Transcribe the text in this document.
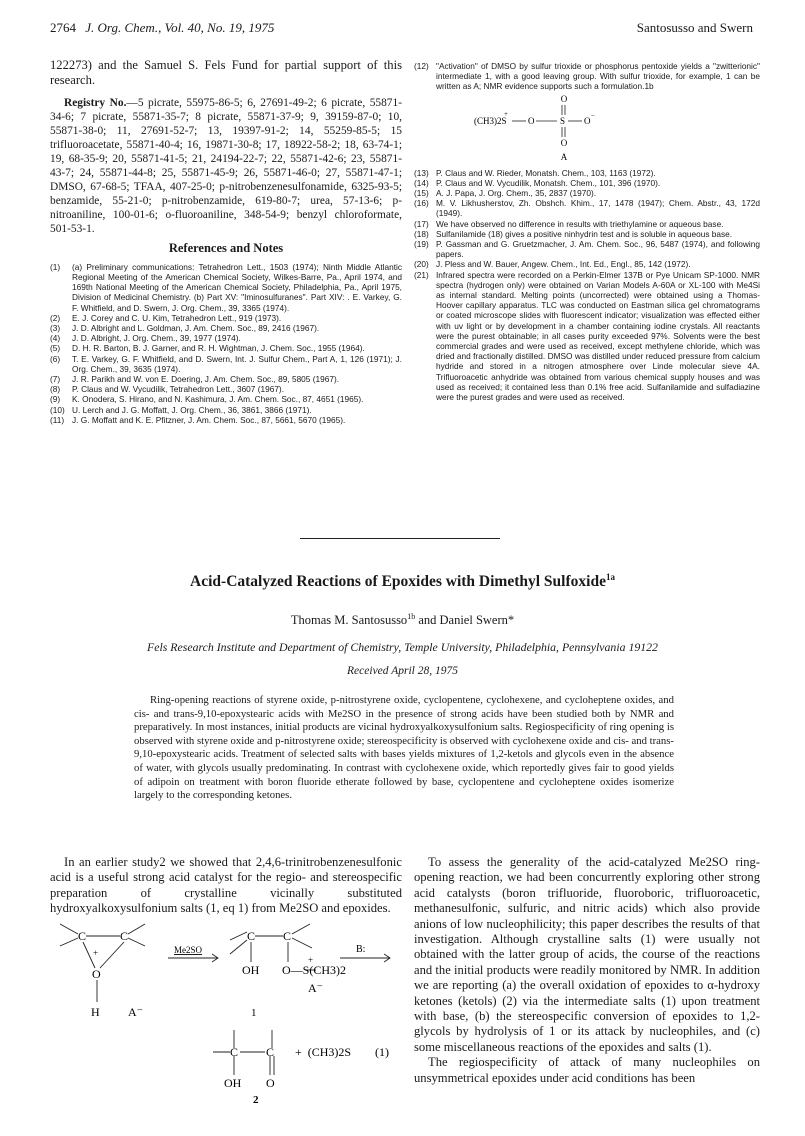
2764 J. Org. Chem., Vol. 40, No. 19, 1975	Santosusso and Swern

122273) and the Samuel S. Fels Fund for partial support of this research.

Registry No.—5 picrate, 55975-86-5; 6, 27691-49-2; 6 picrate, 55871-34-6; 7 picrate, 55871-35-7; 8 picrate, 55871-37-9; 9, 39159-87-0; 10, 55871-38-0; 11, 27691-52-7; 13, 19397-91-2; 14, 55259-85-5; 15 trifluoroacetate, 55871-40-4; 16, 19871-30-8; 17, 18922-58-2; 18, 63-74-1; 19, 68-35-9; 20, 55871-41-5; 21, 24194-22-7; 22, 55871-42-6; 23, 55871-43-7; 24, 55871-44-8; 25, 55871-45-9; 26, 55871-46-0; 27, 55871-47-1; DMSO, 67-68-5; TFAA, 407-25-0; p-nitrobenzenesulfonamide, 6325-93-5; benzamide, 55-21-0; p-nitrobenzamide, 619-80-7; urea, 57-13-6; p-nitroaniline, 100-01-6; o-fluoroaniline, 348-54-9; benzyl chloroformate, 501-53-1.

References and Notes
(1)	(a) Preliminary communications: Tetrahedron Lett., 1503 (1974); Ninth Middle Atlantic Regional Meeting of the American Chemical Society, Wilkes-Barre, Pa., April 1974, and 169th National Meeting of the American Chemical Society, Philadelphia, Pa., April 1975, Division of Medicinal Chemistry. (b) Part XV: "Iminosulfuranes". Part XIV: . E. Varkey, G. F. Whitfield, and D. Swern, J. Org. Chem., 39, 3365 (1974).
(2)	E. J. Corey and C. U. Kim, Tetrahedron Lett., 919 (1973).
(3)	J. D. Albright and L. Goldman, J. Am. Chem. Soc., 89, 2416 (1967).
(4)	J. D. Albright, J. Org. Chem., 39, 1977 (1974).
(5)	D. H. R. Barton, B. J. Garner, and R. H. Wightman, J. Chem. Soc., 1955 (1964).
(6)	T. E. Varkey, G. F. Whitfield, and D. Swern, Int. J. Sulfur Chem., Part A, 1, 126 (1971); J. Org. Chem., 39, 3635 (1974).
(7)	J. R. Parikh and W. von E. Doering, J. Am. Chem. Soc., 89, 5805 (1967).
(8)	P. Claus and W. Vycudilik, Tetrahedron Lett., 3607 (1967).
(9)	K. Onodera, S. Hirano, and N. Kashimura, J. Am. Chem. Soc., 87, 4651 (1965).
(10) U. Lerch and J. G. Moffatt, J. Org. Chem., 36, 3861, 3866 (1971).
(11) J. G. Moffatt and K. E. Pfitzner, J. Am. Chem. Soc., 87, 5661, 5670 (1965).
(12) "Activation" of DMSO by sulfur trioxide or phosphorus pentoxide yields a "zwitterionic" intermediate 1, with a good leaving group. With sulfur trioxide, for example, 1 can be written as A; NMR evidence supports such a formulation.1b
O
(CH3)2S
+
O	S O −
O
A
(13) P. Claus and W. Rieder, Monatsh. Chem., 103, 1163 (1972).
(14) P. Claus and W. Vycudilik, Monatsh. Chem., 101, 396 (1970).
(15) A. J. Papa, J. Org. Chem., 35, 2837 (1970).
(16) M. V. Likhusherstov, Zh. Obshch. Khim., 17, 1478 (1947); Chem. Abstr., 43, 172d (1949).
(17) We have observed no difference in results with triethylamine or aqueous base.
(18) Sulfanilamide (18) gives a positive ninhydrin test and is soluble in aqueous base.
(19) P. Gassman and G. Gruetzmacher, J. Am. Chem. Soc., 96, 5487 (1974), and following papers.
(20) J. Pless and W. Bauer, Angew. Chem., Int. Ed., Engl., 85, 142 (1972).
(21) Infrared spectra were recorded on a Perkin-Elmer 137B or Pye Unicam SP-1000. NMR spectra (hydrogen only) were obtained on Varian Models A-60A or XL-100 with Me4Si as internal standard. Melting points (uncorrected) were obtained using a Thomas-Hoover capillary apparatus. TLC was conducted on Eastman silica gel chromatograms or coated microscope slides with fluorescent indicator; visualization was effected either with uv light or by development in a chamber containing iodine crystals. All reactants were the purest obtainable; in all cases purity exceeded 97%. Solvents were the best commercial grades and were used as received, except methylene chloride, which was dried and fractionally distilled. DMSO was distilled under reduced pressure from calcium hydride and stored in a nitrogen atmosphere over Linde molecular sieve 4A. Trifluoroacetic anhydride was obtained from various chemical supply houses and was used as received; it contained less than 0.1% free acid. Sulfanilamide and sulfadiazine were the purest grades and were used as received.
Acid-Catalyzed Reactions of Epoxides with Dimethyl Sulfoxide$^{1a}$
Thomas M. Santosusso$^{1b}$ and Daniel Swern*
Fels Research Institute and Department of Chemistry, Temple University, Philadelphia, Pennsylvania 19122
Received April 28, 1975
Ring-opening reactions of styrene oxide, p-nitrostyrene oxide, cyclopentene, cyclohexene, and cycloheptene oxides, and cis- and trans-9,10-epoxystearic acids with Me2SO in the presence of strong acids have been studied both by NMR and preparatively. In most instances, initial products are vicinal hydroxyalkoxysulfonium salts. Regiospecificity of ring opening is observed with styrene oxide and p-nitrostyrene oxide; stereospecificity is observed with cyclohexene oxide and cis- and trans-9,10-epoxystearic acids. Treatment of selected salts with bases yields mixtures of 1,2-ketols and glycols even in the absence of water, with glycols usually predominating. In contrast with cyclohexene oxide, which reportedly gives fair to good yields of adipoin on treatment with boron fluoride etherate followed by base, cyclopentene and cycloheptene oxides isomerize largely to the corresponding ketones.

In an earlier study2 we showed that 2,4,6-trinitrobenzenesulfonic acid is a useful strong acid catalyst for the regio- and stereospecific preparation of crystalline vicinally substituted hydroxyalkoxysulfonium salts (1, eq 1) from Me2SO and epoxides.

C	C
+
O
H A⁻
Me2SO
C C
OH
+
O—S(CH3)2
A⁻
B:
1
C C +  (CH3)2S (1)
OH O
2

To assess the generality of the acid-catalyzed Me2SO ring-opening reaction, we had been concurrently exploring other strong acid catalysts (boron trifluoride, fluoroboric, trifluoroacetic, methanesulfonic, sulfuric, and nitric acids) which also provide anions of low nucleophilicity; this paper describes the results of that investigation. Although crystalline salts (1) were usually not obtained with the latter group of acids, the course of the reactions and the initial products were readily monitored by NMR. In addition we are reporting (a) the overall oxidation of epoxides to α-hydroxy ketones (ketols) (2) via the intermediate salts (1) upon treatment with base, (b) the stereospecific conversion of epoxides to 1,2-glycols by hydrolysis of 1 or its attack by nucleophiles, and (c) some miscellaneous reactions of the epoxides and salts (1).

The regiospecificity of attack of many nucleophiles on unsymmetrical epoxides under acid conditions has been
